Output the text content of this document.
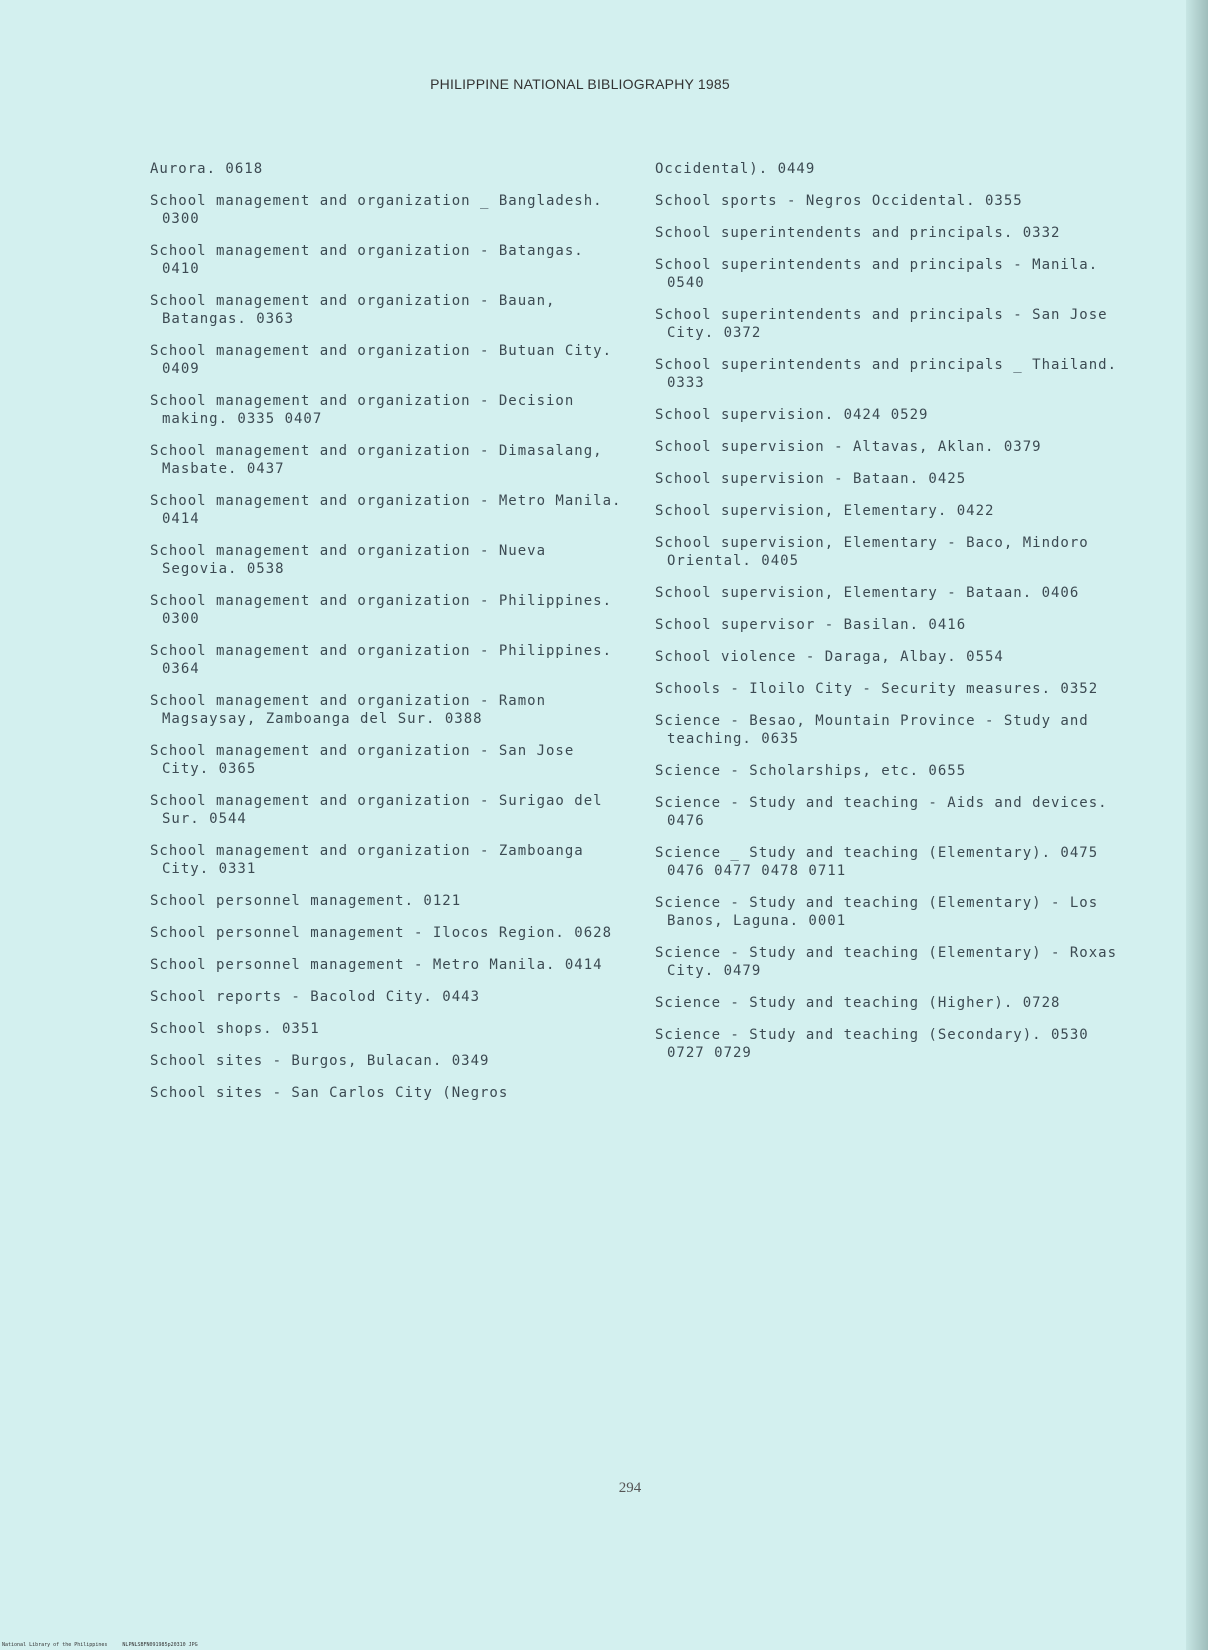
PHILIPPINE NATIONAL BIBLIOGRAPHY 1985
Aurora. 0618
School management and organization _ Bangladesh. 0300
School management and organization - Batangas. 0410
School management and organization - Bauan, Batangas. 0363
School management and organization - Butuan City. 0409
School management and organization - Decision making. 0335 0407
School management and organization - Dimasalang, Masbate. 0437
School management and organization - Metro Manila. 0414
School management and organization - Nueva Segovia. 0538
School management and organization - Philippines. 0300
School management and organization - Philippines. 0364
School management and organization - Ramon Magsaysay, Zamboanga del Sur. 0388
School management and organization - San Jose City. 0365
School management and organization - Surigao del Sur. 0544
School management and organization - Zamboanga City. 0331
School personnel management. 0121
School personnel management - Ilocos Region. 0628
School personnel management - Metro Manila. 0414
School reports - Bacolod City. 0443
School shops. 0351
School sites - Burgos, Bulacan. 0349
School sites - San Carlos City (Negros
Occidental). 0449
School sports - Negros Occidental. 0355
School superintendents and principals. 0332
School superintendents and principals - Manila. 0540
School superintendents and principals - San Jose City. 0372
School superintendents and principals _ Thailand. 0333
School supervision. 0424 0529
School supervision - Altavas, Aklan. 0379
School supervision - Bataan. 0425
School supervision, Elementary. 0422
School supervision, Elementary - Baco, Mindoro Oriental. 0405
School supervision, Elementary - Bataan. 0406
School supervisor - Basilan. 0416
School violence - Daraga, Albay. 0554
Schools - Iloilo City - Security measures. 0352
Science - Besao, Mountain Province - Study and teaching. 0635
Science - Scholarships, etc. 0655
Science - Study and teaching - Aids and devices. 0476
Science _ Study and teaching (Elementary). 0475 0476 0477 0478 0711
Science - Study and teaching (Elementary) - Los Banos, Laguna. 0001
Science - Study and teaching (Elementary) - Roxas City. 0479
Science - Study and teaching (Higher). 0728
Science - Study and teaching (Secondary). 0530 0727 0729
294
National Library of the Philippines	NLPNLSBFN091985p20310 JPG
